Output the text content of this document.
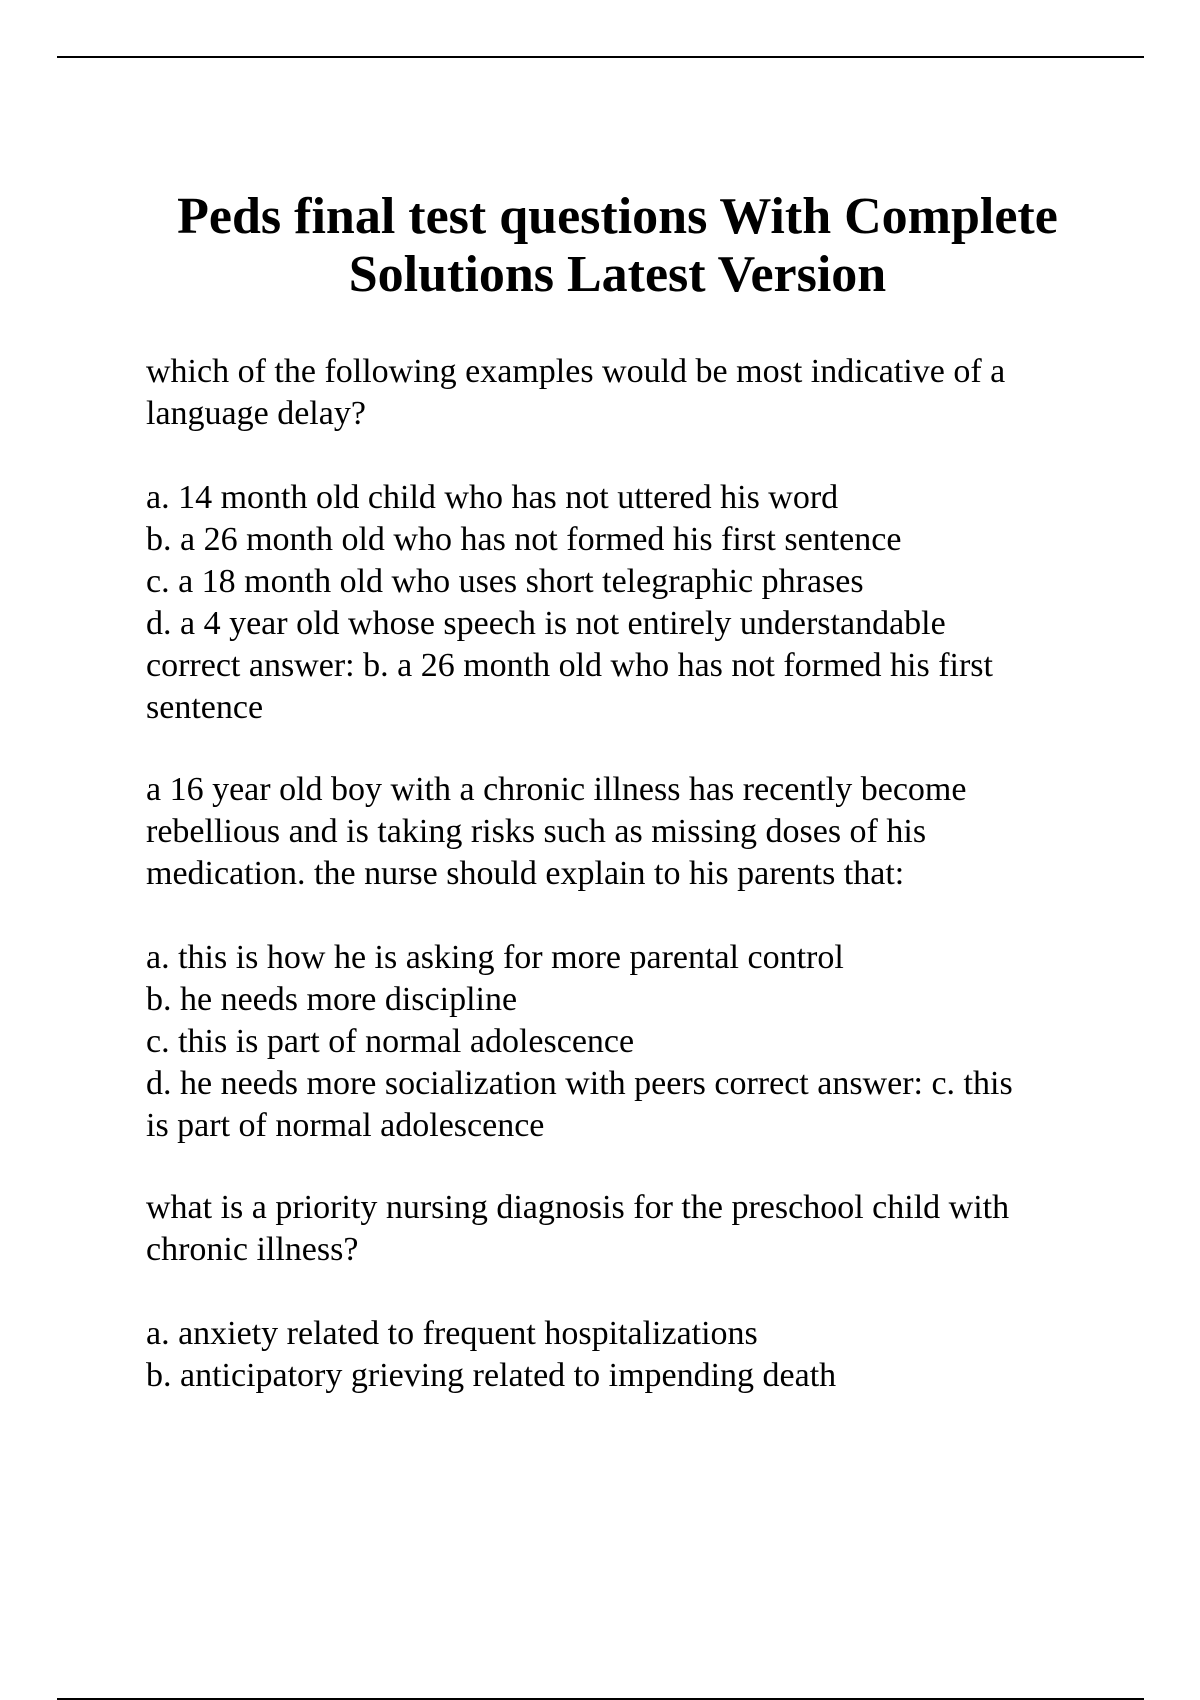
Peds final test questions With Complete
Solutions Latest Version

which of the following examples would be most indicative of a

language delay?

a. 14 month old child who has not uttered his word

b. a 26 month old who has not formed his first sentence

c. a 18 month old who uses short telegraphic phrases

d. a 4 year old whose speech is not entirely understandable

correct answer: b. a 26 month old who has not formed his first

sentence

a 16 year old boy with a chronic illness has recently become

rebellious and is taking risks such as missing doses of his

medication. the nurse should explain to his parents that:

a. this is how he is asking for more parental control

b. he needs more discipline

c. this is part of normal adolescence

d. he needs more socialization with peers correct answer: c. this

is part of normal adolescence

what is a priority nursing diagnosis for the preschool child with

chronic illness?

a. anxiety related to frequent hospitalizations

b. anticipatory grieving related to impending death
